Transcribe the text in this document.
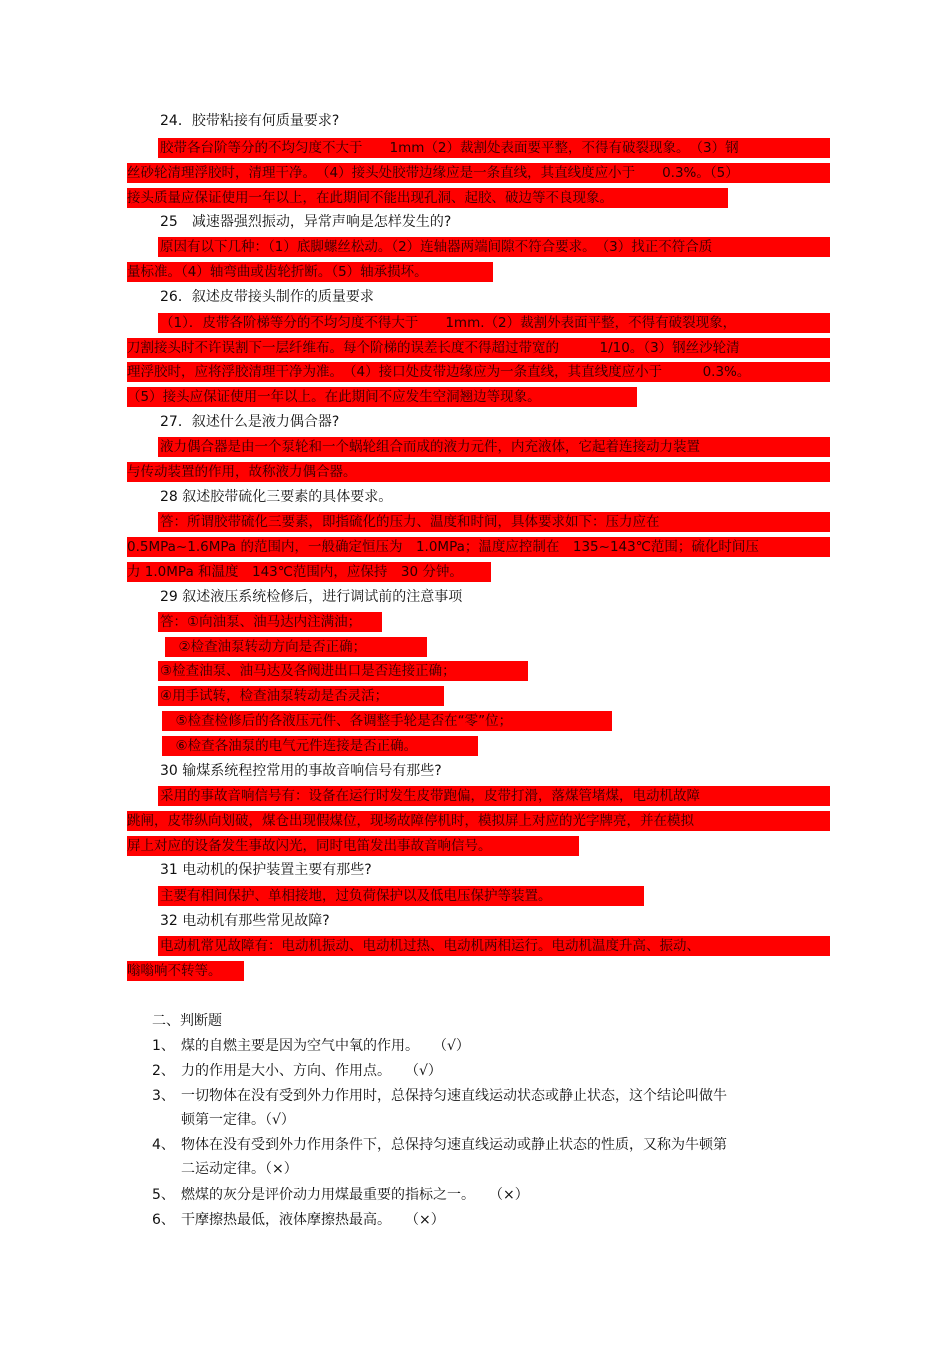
24．胶带粘接有何质量要求?
胶带各台阶等分的不均匀度不大于　　1mm（2）裁割处表面要平整，不得有破裂现象。　（3）钢
丝砂轮清理浮胶时，清理干净。　（4）接头处胶带边缘应是一条直线，其直线度应小于　　0.3%。（5）
接头质量应保证使用一年以上，在此期间不能出现孔洞、起胶、破边等不良现象。
25　减速器强烈振动，异常声响是怎样发生的?
原因有以下几种：（1）底脚螺丝松动。（2）连轴器两端间隙不符合要求。　（3）找正不符合质
量标准。（4）轴弯曲或齿轮折断。（5）轴承损坏。
26．叙述皮带接头制作的质量要求
（1）．皮带各阶梯等分的不均匀度不得大于　　1mm.（2）裁割外表面平整，不得有破裂现象，
刀割接头时不许误割下一层纤维布。每个阶梯的误差长度不得超过带宽的　　　1/10。（3）钢丝沙轮清
理浮胶时，应将浮胶清理干净为准。　（4）接口处皮带边缘应为一条直线，其直线度应小于　　　0.3%。
（5）接头应保证使用一年以上。在此期间不应发生空洞翘边等现象。
27．叙述什么是液力偶合器?
液力偶合器是由一个泵轮和一个蜗轮组合而成的液力元件，内充液体，它起着连接动力装置
与传动装置的作用，故称液力偶合器。
28 叙述胶带硫化三要素的具体要求。
答：所谓胶带硫化三要素，即指硫化的压力、温度和时间，具体要求如下：压力应在
0.5MPa~1.6MPa 的范围内，一般确定恒压为　1.0MPa；温度应控制在　135~143℃范围；硫化时间压
力 1.0MPa 和温度　143℃范围内，应保持　30 分钟。
29 叙述液压系统检修后，进行调试前的注意事项
答：①向油泵、油马达内注满油；
　②检查油泵转动方向是否正确；
③检查油泵、油马达及各阀进出口是否连接正确；
④用手试转，检查油泵转动是否灵活；
　⑤检查检修后的各液压元件、各调整手轮是否在“零”位；
　⑥检查各油泵的电气元件连接是否正确。
30 输煤系统程控常用的事故音响信号有那些?
采用的事故音响信号有：设备在运行时发生皮带跑偏，皮带打滑，落煤管堵煤，电动机故障
跳闸，皮带纵向划破，煤仓出现假煤位，现场故障停机时，模拟屏上对应的光字牌亮，并在模拟
屏上对应的设备发生事故闪光，同时电笛发出事故音响信号。
31 电动机的保护装置主要有那些?
主要有相间保护、单相接地，过负荷保护以及低电压保护等装置。
32 电动机有那些常见故障?
电动机常见故障有：电动机振动、电动机过热、电动机两相运行。电动机温度升高、振动、
嗡嗡响不转等。
二、判断题
1、 煤的自燃主要是因为空气中氧的作用。　　（√）
2、 力的作用是大小、方向、作用点。　　（√）
3、 一切物体在没有受到外力作用时，总保持匀速直线运动状态或静止状态，这个结论叫做牛
顿第一定律。（√）
4、 物体在没有受到外力作用条件下，总保持匀速直线运动或静止状态的性质，又称为牛顿第
二运动定律。（×）
5、 燃煤的灰分是评价动力用煤最重要的指标之一。　　（×）
6、 干摩擦热最低，液体摩擦热最高。　　（×）
